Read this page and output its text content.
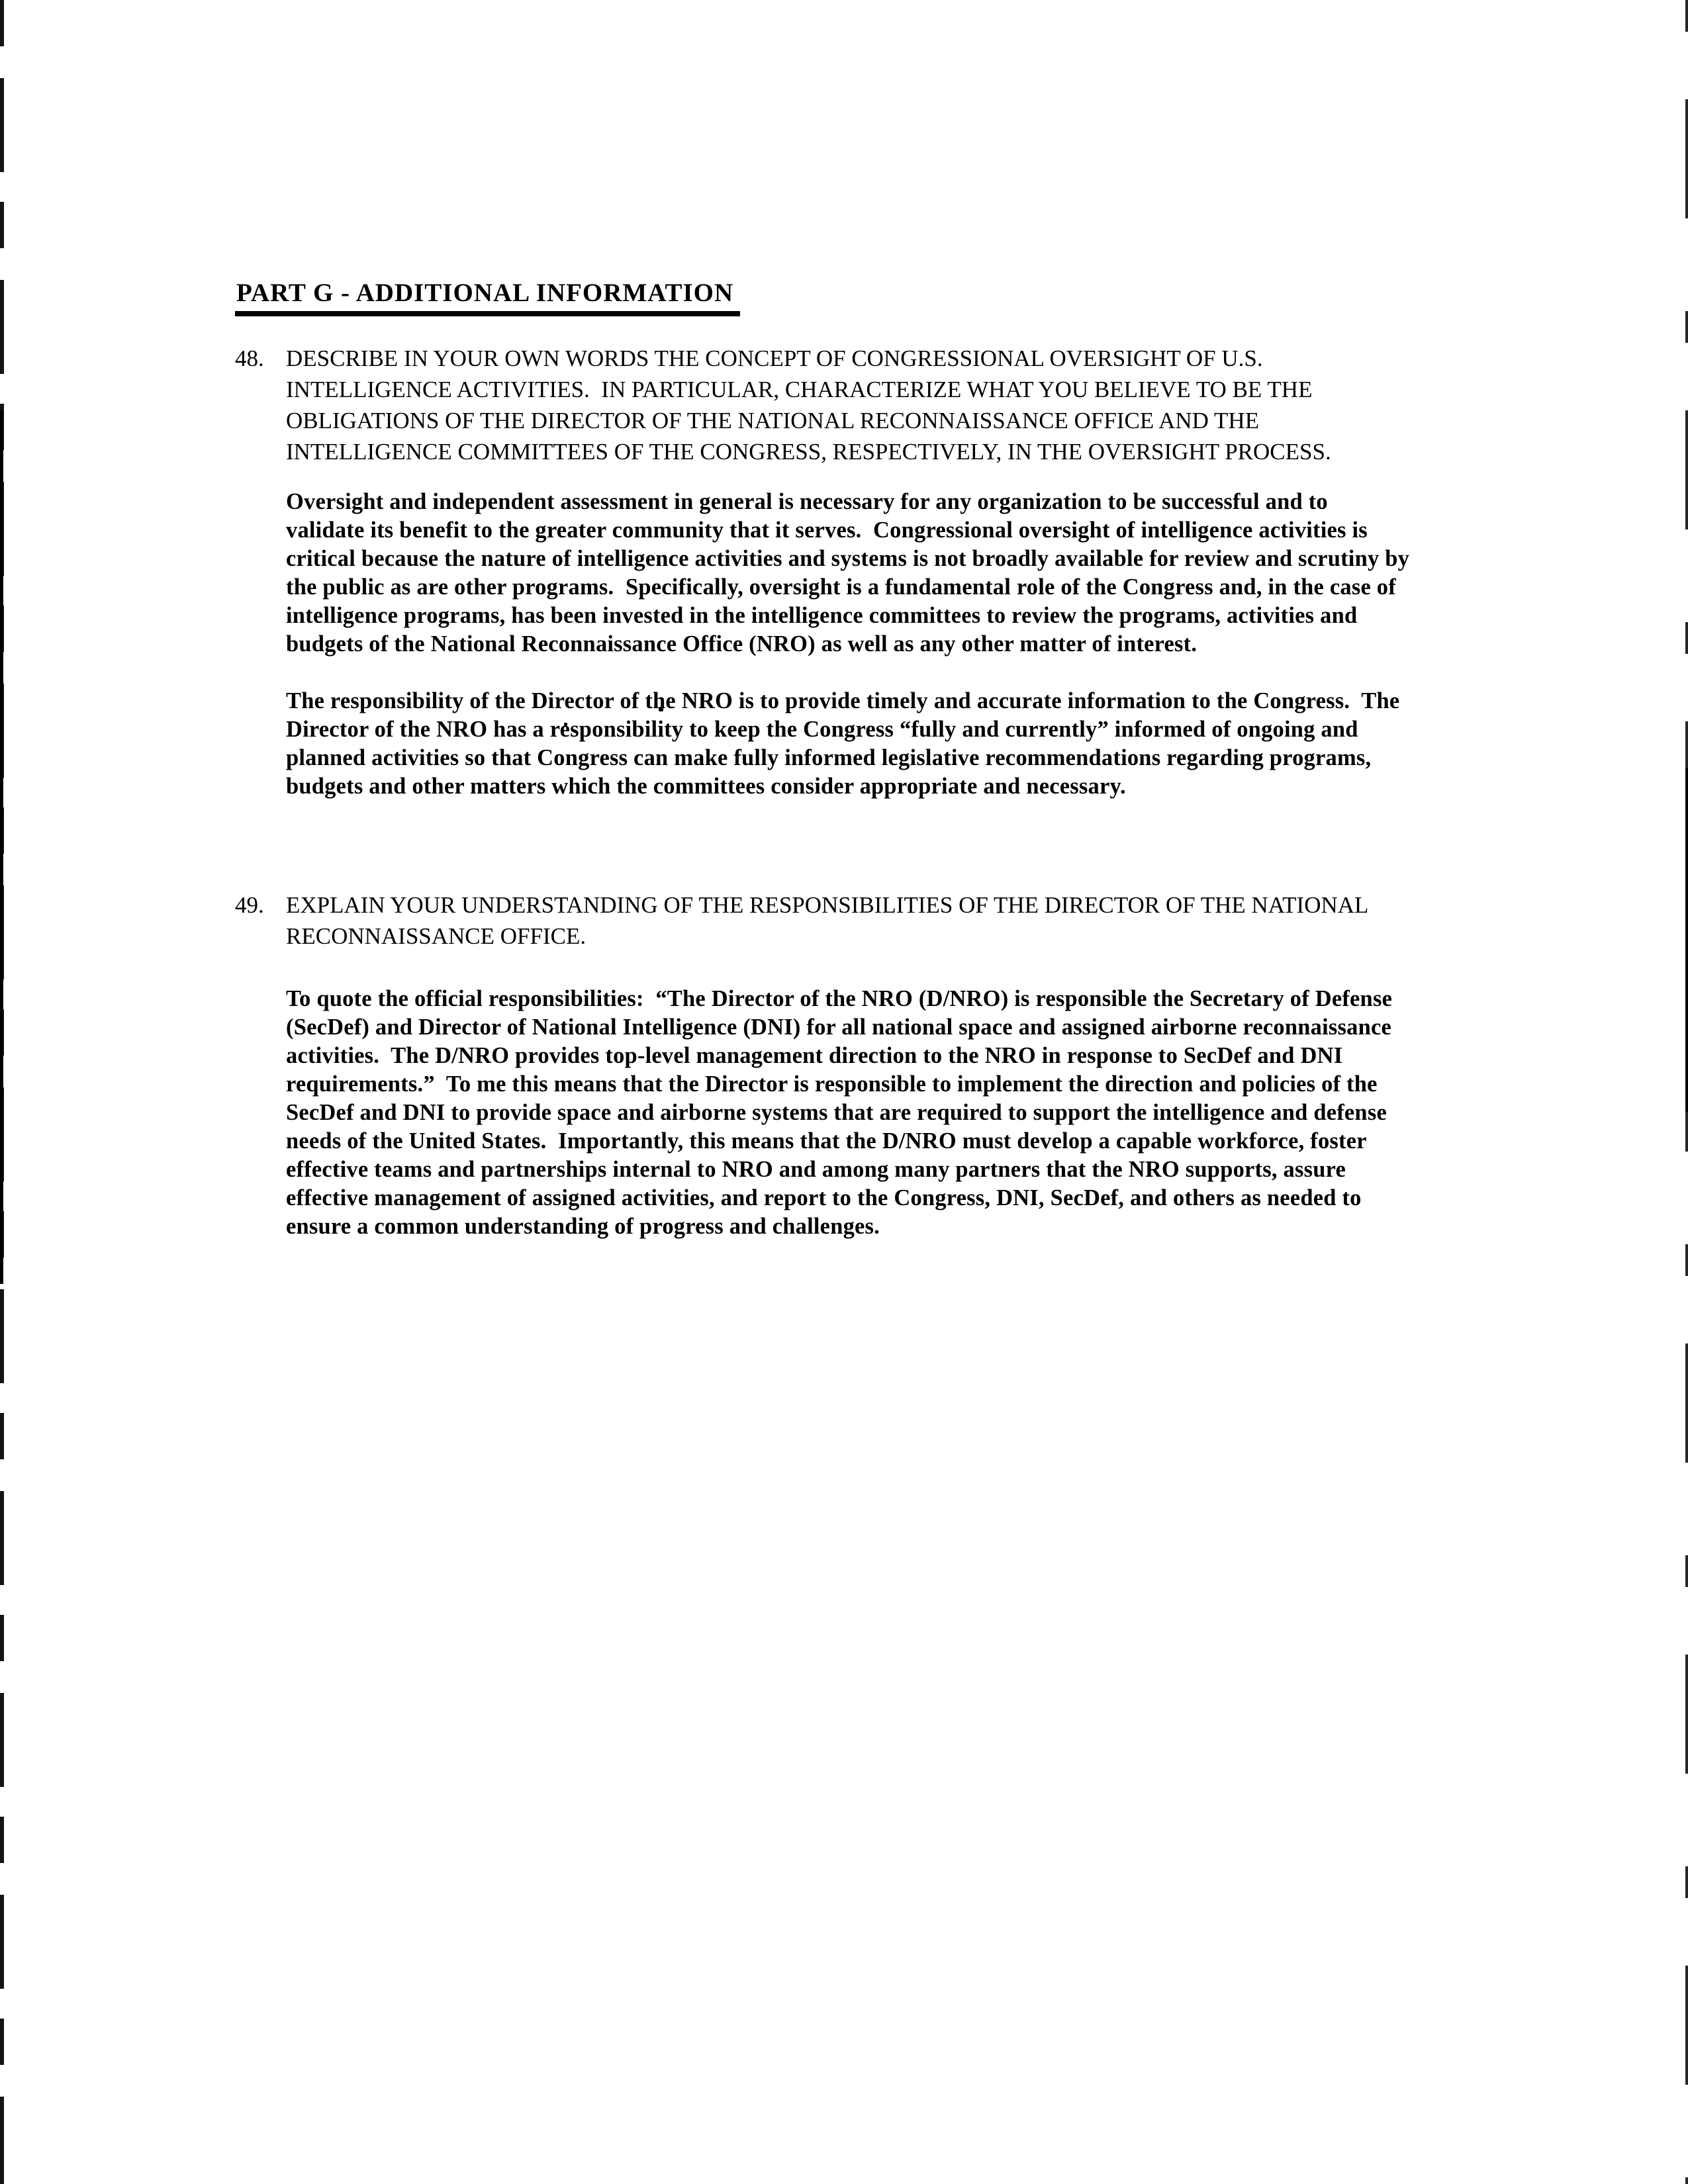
PART G - ADDITIONAL INFORMATION
48. DESCRIBE IN YOUR OWN WORDS THE CONCEPT OF CONGRESSIONAL OVERSIGHT OF U.S. INTELLIGENCE ACTIVITIES.  IN PARTICULAR, CHARACTERIZE WHAT YOU BELIEVE TO BE THE OBLIGATIONS OF THE DIRECTOR OF THE NATIONAL RECONNAISSANCE OFFICE AND THE INTELLIGENCE COMMITTEES OF THE CONGRESS, RESPECTIVELY, IN THE OVERSIGHT PROCESS.

Oversight and independent assessment in general is necessary for any organization to be successful and to validate its benefit to the greater community that it serves.  Congressional oversight of intelligence activities is critical because the nature of intelligence activities and systems is not broadly available for review and scrutiny by the public as are other programs.  Specifically, oversight is a fundamental role of the Congress and, in the case of intelligence programs, has been invested in the intelligence committees to review the programs, activities and budgets of the National Reconnaissance Office (NRO) as well as any other matter of interest.

The responsibility of the Director of the NRO is to provide timely and accurate information to the Congress.  The Director of the NRO has a responsibility to keep the Congress “fully and currently” informed of ongoing and planned activities so that Congress can make fully informed legislative recommendations regarding programs, budgets and other matters which the committees consider appropriate and necessary.

49. EXPLAIN YOUR UNDERSTANDING OF THE RESPONSIBILITIES OF THE DIRECTOR OF THE NATIONAL RECONNAISSANCE OFFICE.

To quote the official responsibilities:  “The Director of the NRO (D/NRO) is responsible the Secretary of Defense (SecDef) and Director of National Intelligence (DNI) for all national space and assigned airborne reconnaissance activities.  The D/NRO provides top-level management direction to the NRO in response to SecDef and DNI requirements.”  To me this means that the Director is responsible to implement the direction and policies of the SecDef and DNI to provide space and airborne systems that are required to support the intelligence and defense needs of the United States.  Importantly, this means that the D/NRO must develop a capable workforce, foster effective teams and partnerships internal to NRO and among many partners that the NRO supports, assure effective management of assigned activities, and report to the Congress, DNI, SecDef, and others as needed to ensure a common understanding of progress and challenges.
